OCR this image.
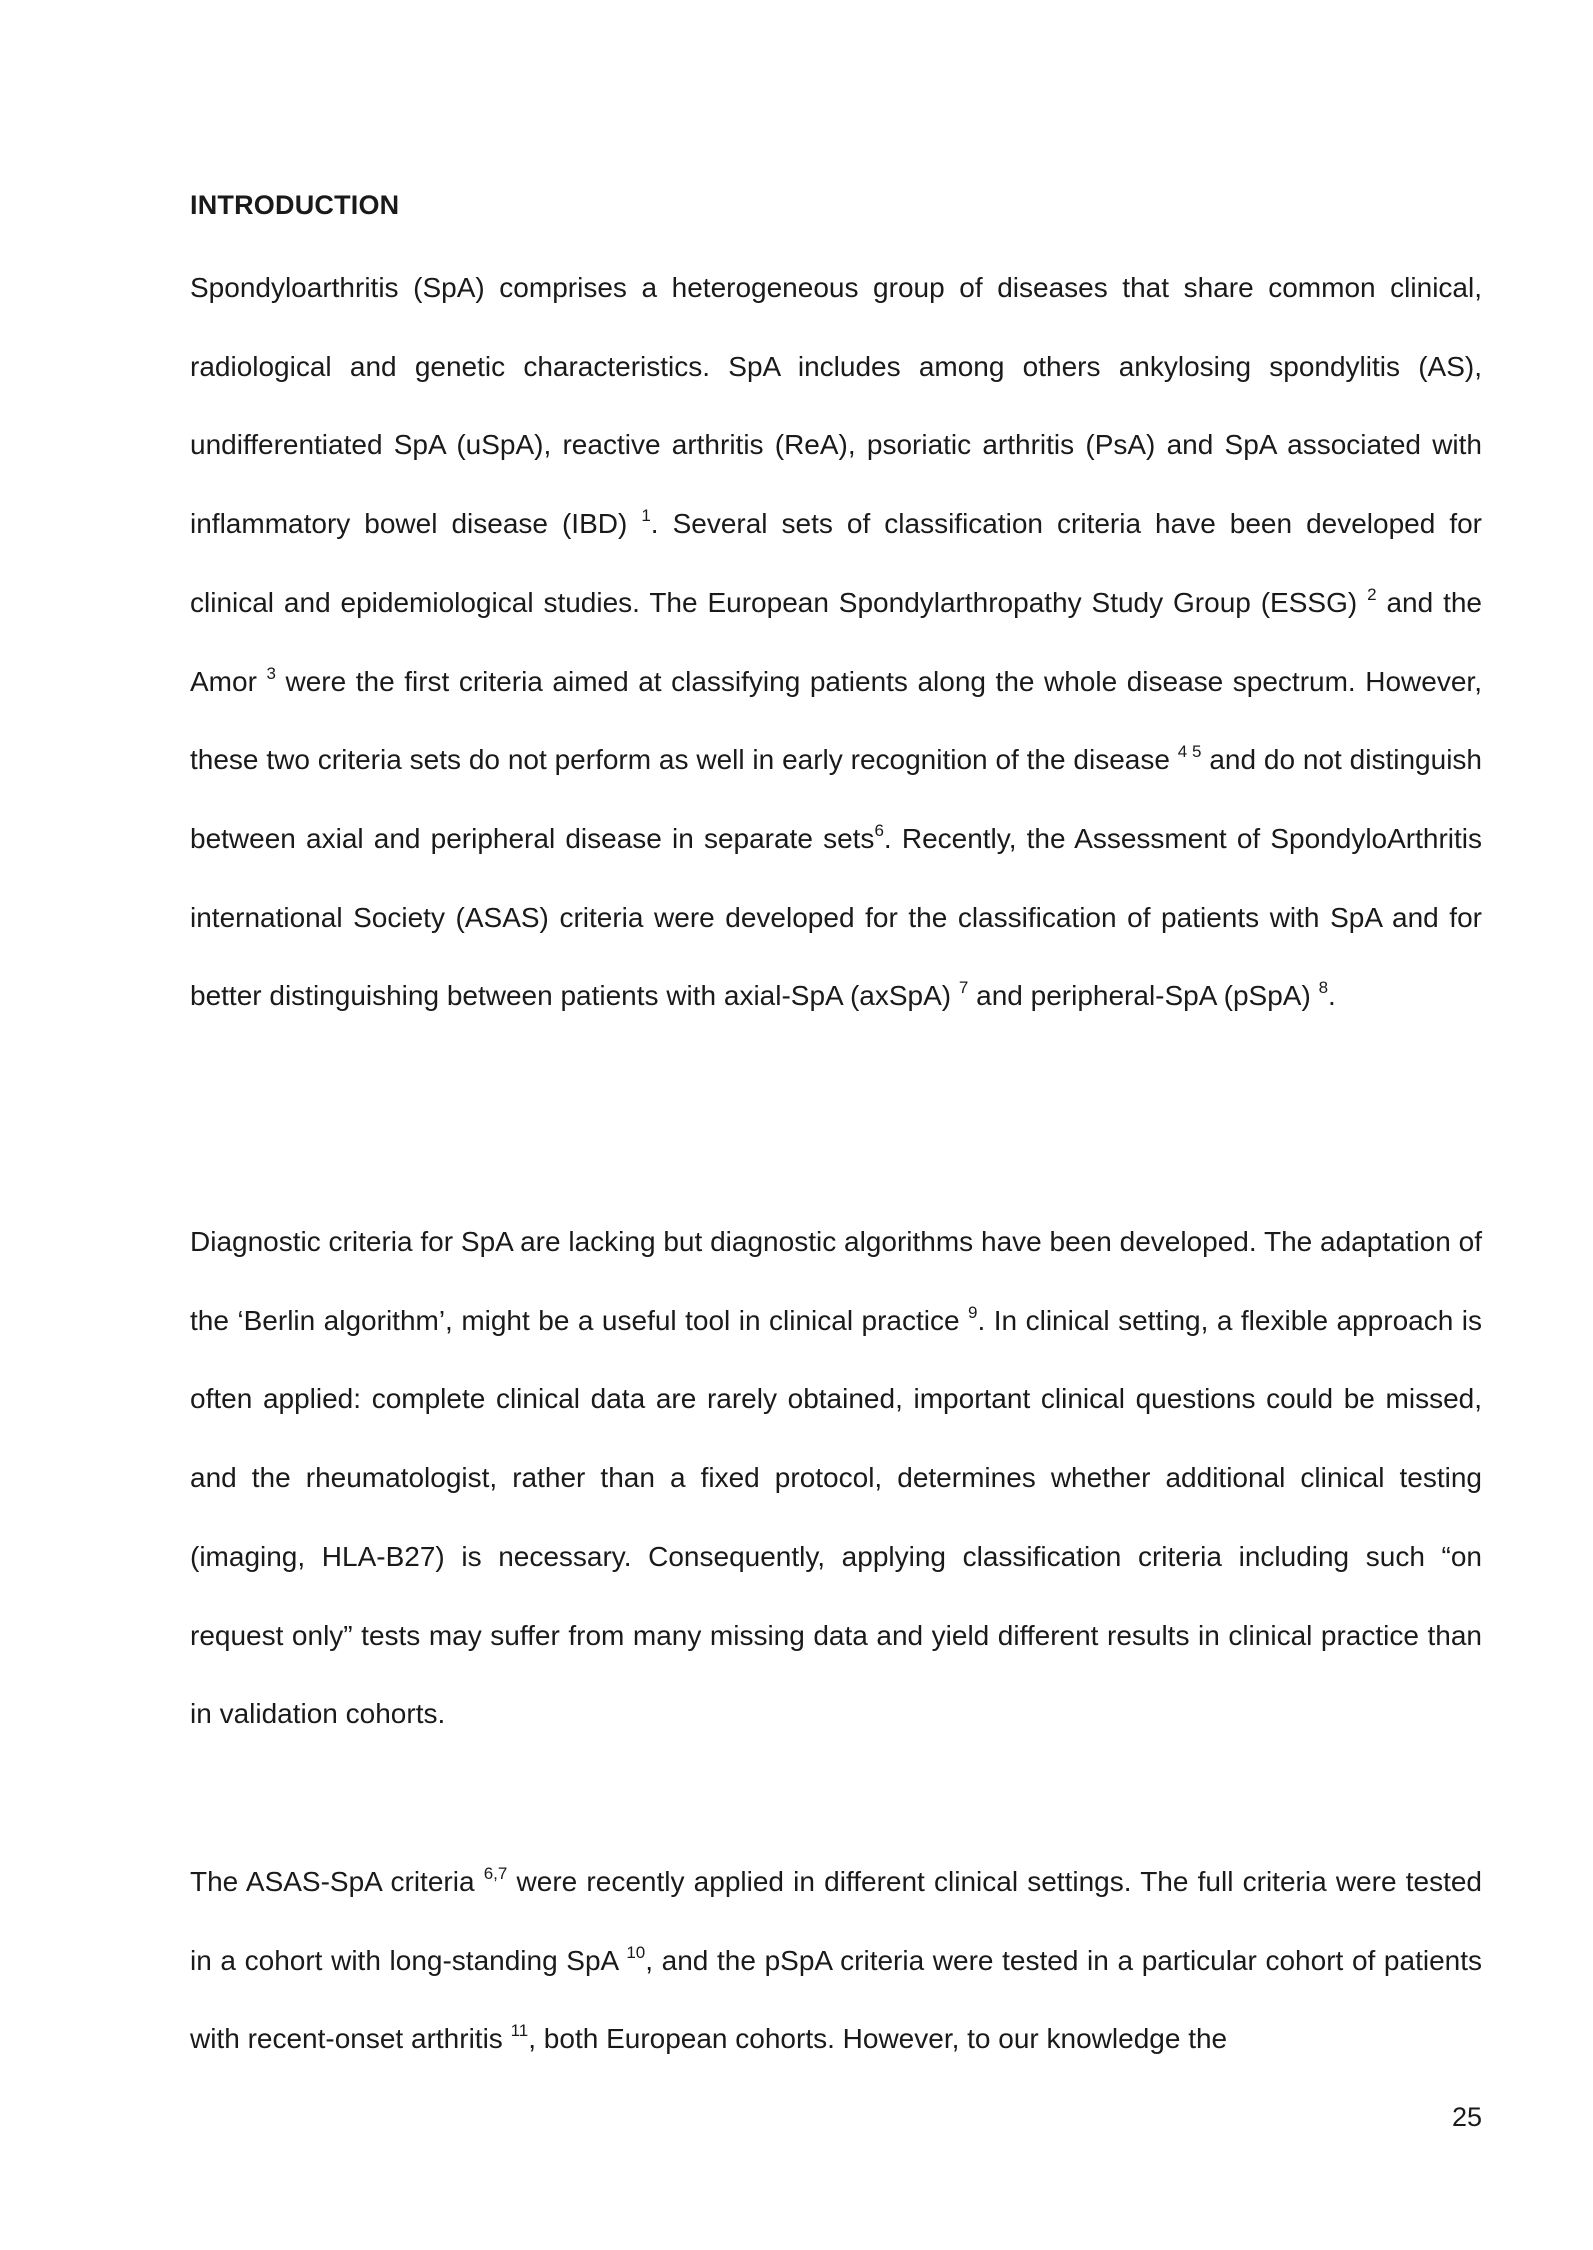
INTRODUCTION
Spondyloarthritis (SpA) comprises a heterogeneous group of diseases that share common clinical, radiological and genetic characteristics. SpA includes among others ankylosing spondylitis (AS), undifferentiated SpA (uSpA), reactive arthritis (ReA), psoriatic arthritis (PsA) and SpA associated with inflammatory bowel disease (IBD) $^1$. Several sets of classification criteria have been developed for clinical and epidemiological studies. The European Spondylarthropathy Study Group (ESSG) $^2$ and the Amor $^3$ were the first criteria aimed at classifying patients along the whole disease spectrum. However, these two criteria sets do not perform as well in early recognition of the disease $^{4 5}$ and do not distinguish between axial and peripheral disease in separate sets$^6$. Recently, the Assessment of SpondyloArthritis international Society (ASAS) criteria were developed for the classification of patients with SpA and for better distinguishing between patients with axial-SpA (axSpA) $^7$ and peripheral-SpA (pSpA) $^8$.
Diagnostic criteria for SpA are lacking but diagnostic algorithms have been developed. The adaptation of the ‘Berlin algorithm’, might be a useful tool in clinical practice $^9$. In clinical setting, a flexible approach is often applied: complete clinical data are rarely obtained, important clinical questions could be missed, and the rheumatologist, rather than a fixed protocol, determines whether additional clinical testing (imaging, HLA-B27) is necessary. Consequently, applying classification criteria including such “on request only” tests may suffer from many missing data and yield different results in clinical practice than in validation cohorts.
The ASAS-SpA criteria $^{6,7}$ were recently applied in different clinical settings. The full criteria were tested in a cohort with long-standing SpA $^{10}$, and the pSpA criteria were tested in a particular cohort of patients with recent-onset arthritis $^{11}$, both European cohorts. However, to our knowledge the
25
